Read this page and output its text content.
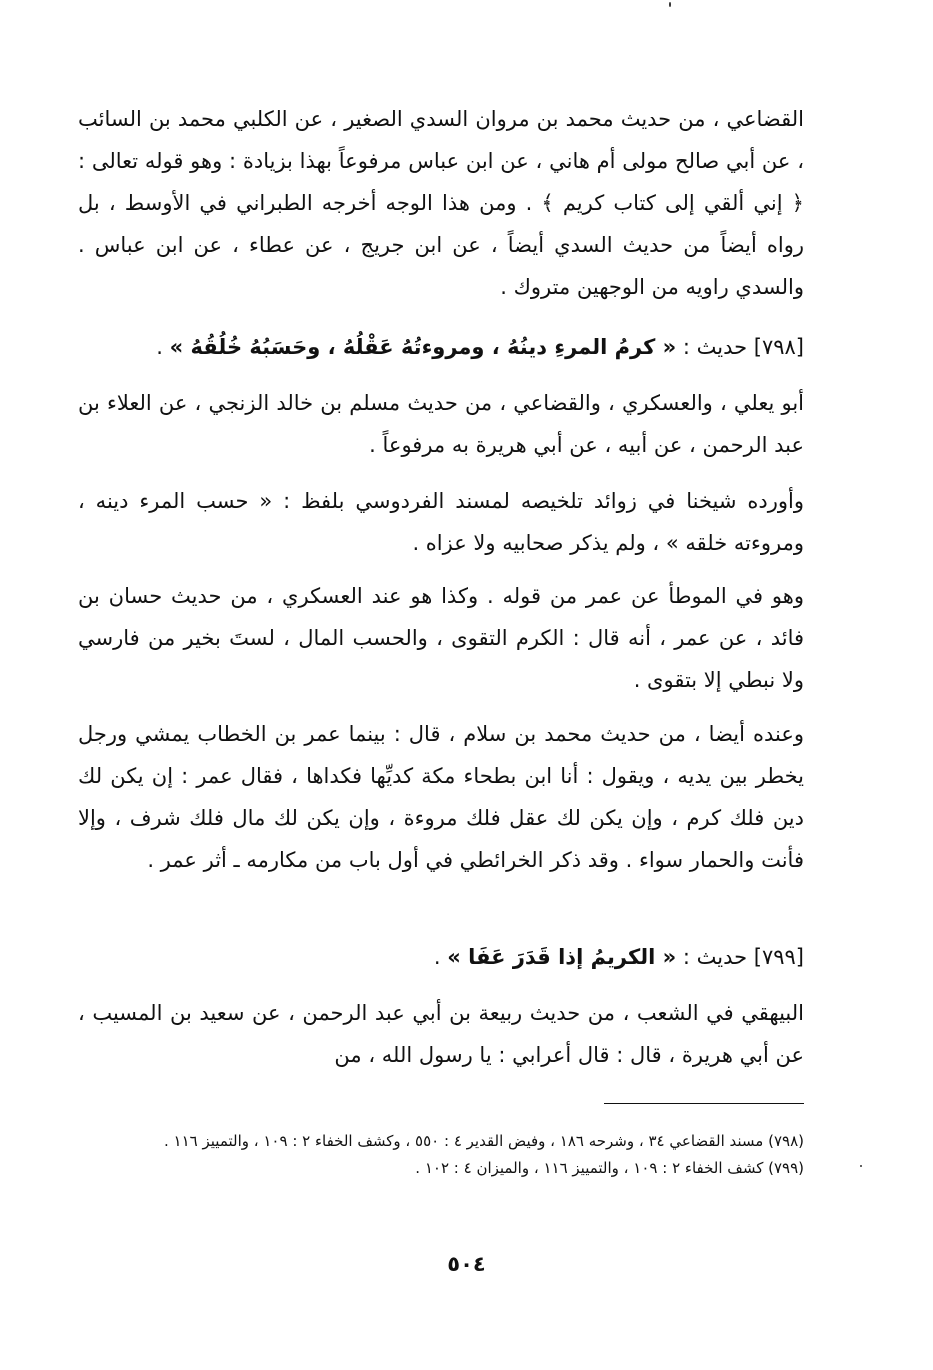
القضاعي ، من حديث محمد بن مروان السدي الصغير ، عن الكلبي محمد بن السائب ، عن أبي صالح مولى أم هاني ، عن ابن عباس مرفوعاً بهذا بزيادة : وهو قوله تعالى : ﴿ إني ألقي إلى كتاب كريم ﴾ . ومن هذا الوجه أخرجه الطبراني في الأوسط ، بل رواه أيضاً من حديث السدي أيضاً ، عن ابن جريج ، عن عطاء ، عن ابن عباس . والسدي راويه من الوجهين متروك .

[٧٩٨] حديث : « كرمُ المرءِ دينُهُ ، ومروءتُهُ عَقْلُهُ ، وحَسَبُهُ خُلُقُهُ » .

أبو يعلي ، والعسكري ، والقضاعي ، من حديث مسلم بن خالد الزنجي ، عن العلاء بن عبد الرحمن ، عن أبيه ، عن أبي هريرة به مرفوعاً .

وأورده شيخنا في زوائد تلخيصه لمسند الفردوسي بلفظ : « حسب المرء دينه ، ومروءته خلقه » ، ولم يذكر صحابيه ولا عزاه .

وهو في الموطأ عن عمر من قوله . وكذا هو عند العسكري ، من حديث حسان بن فائد ، عن عمر ، أنه قال : الكرم التقوى ، والحسب المال ، لستَ بخير من فارسي ولا نبطي إلا بتقوى .

وعنده أيضا ، من حديث محمد بن سلام ، قال : بينما عمر بن الخطاب يمشي ورجل يخطر بين يديه ، ويقول : أنا ابن بطحاء مكة كديِّها فكداها ، فقال عمر : إن يكن لك دين فلك كرم ، وإن يكن لك عقل فلك مروءة ، وإن يكن لك مال فلك شرف ، وإلا فأنت والحمار سواء . وقد ذكر الخرائطي في أول باب من مكارمه ـ أثر عمر .

[٧٩٩] حديث : « الكريمُ إذا قَدَرَ عَفَا » .

البيهقي في الشعب ، من حديث ربيعة بن أبي عبد الرحمن ، عن سعيد بن المسيب ، عن أبي هريرة ، قال : قال أعرابي : يا رسول الله ، من

(٧٩٨) مسند القضاعي ٣٤ ، وشرحه ١٨٦ ، وفيض القدير ٤ : ٥٥٠ ، وكشف الخفاء ٢ : ١٠٩ ، والتمييز ١١٦ .

(٧٩٩) كشف الخفاء ٢ : ١٠٩ ، والتمييز ١١٦ ، والميزان ٤ : ١٠٢ .

٥٠٤
